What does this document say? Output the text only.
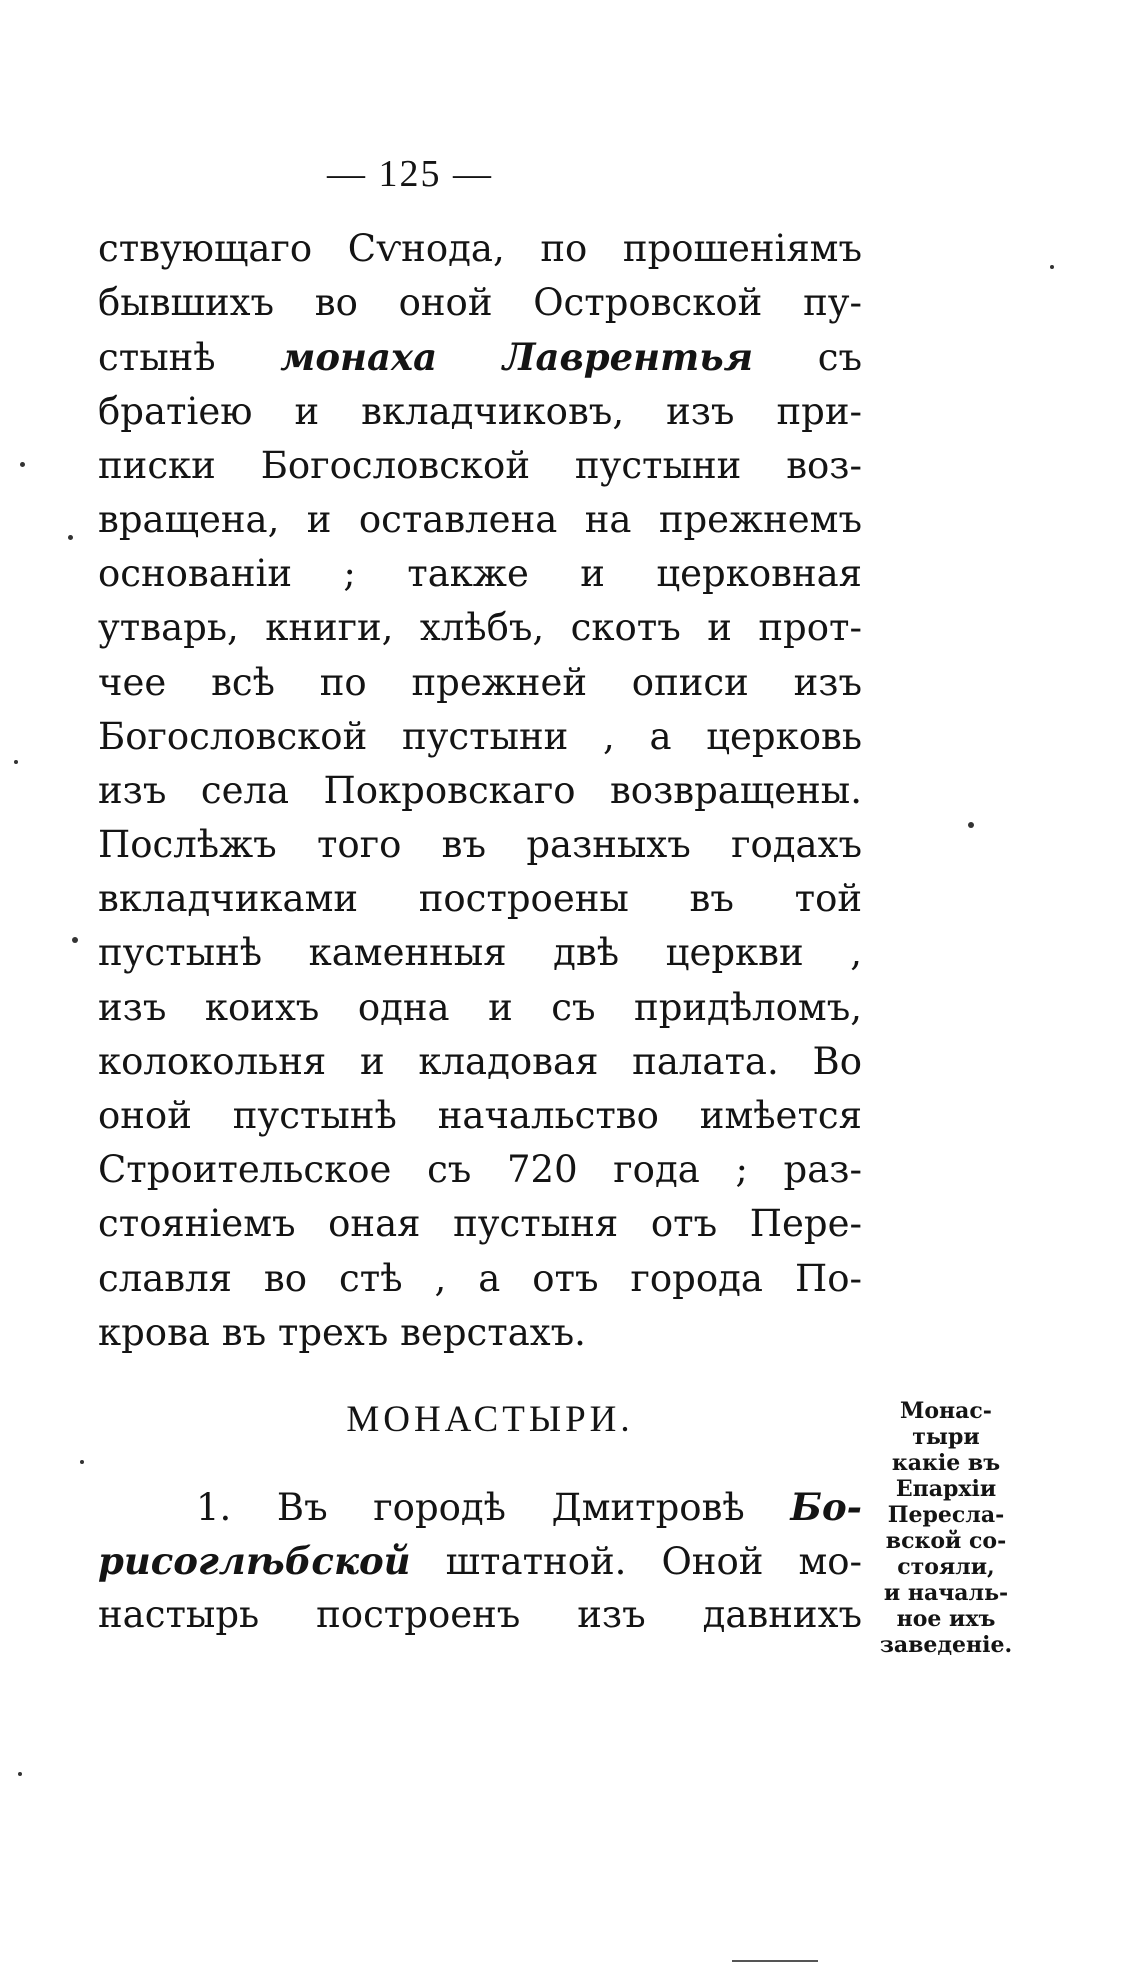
— 125 —
ствующаго Сѵнода, по прошеніямъ
бывшихъ во оной Островской пу-
стынѣ монаха Лаврентья съ
братіею и вкладчиковъ, изъ при-
писки Богословской пустыни воз-
вращена, и оставлена на прежнемъ
основаніи ; также и церковная
утварь, книги, хлѣбъ, скотъ и прот-
чее всѣ по прежней описи изъ
Богословской пустыни , а церковь
изъ села Покровскаго возвращены.
Послѣжъ того въ разныхъ годахъ
вкладчиками построены въ той
пустынѣ каменныя двѣ церкви ,
изъ коихъ одна и съ придѣломъ,
колокольня и кладовая палата. Во
оной пустынѣ начальство имѣется
Строительское съ 720 года ; раз-
стояніемъ оная пустыня отъ Пере-
славля во стѣ , а отъ города По-
крова въ трехъ верстахъ.
МОНАСТЫРИ.
1. Въ городѣ Дмитровѣ Бо-
рисоглѣбской штатной. Оной мо-
настырь построенъ изъ давнихъ
Монас-
тыри
какіе въ
Епархіи
Пересла-
вской со-
стояли,
и началь-
ное ихъ
заведеніе.
